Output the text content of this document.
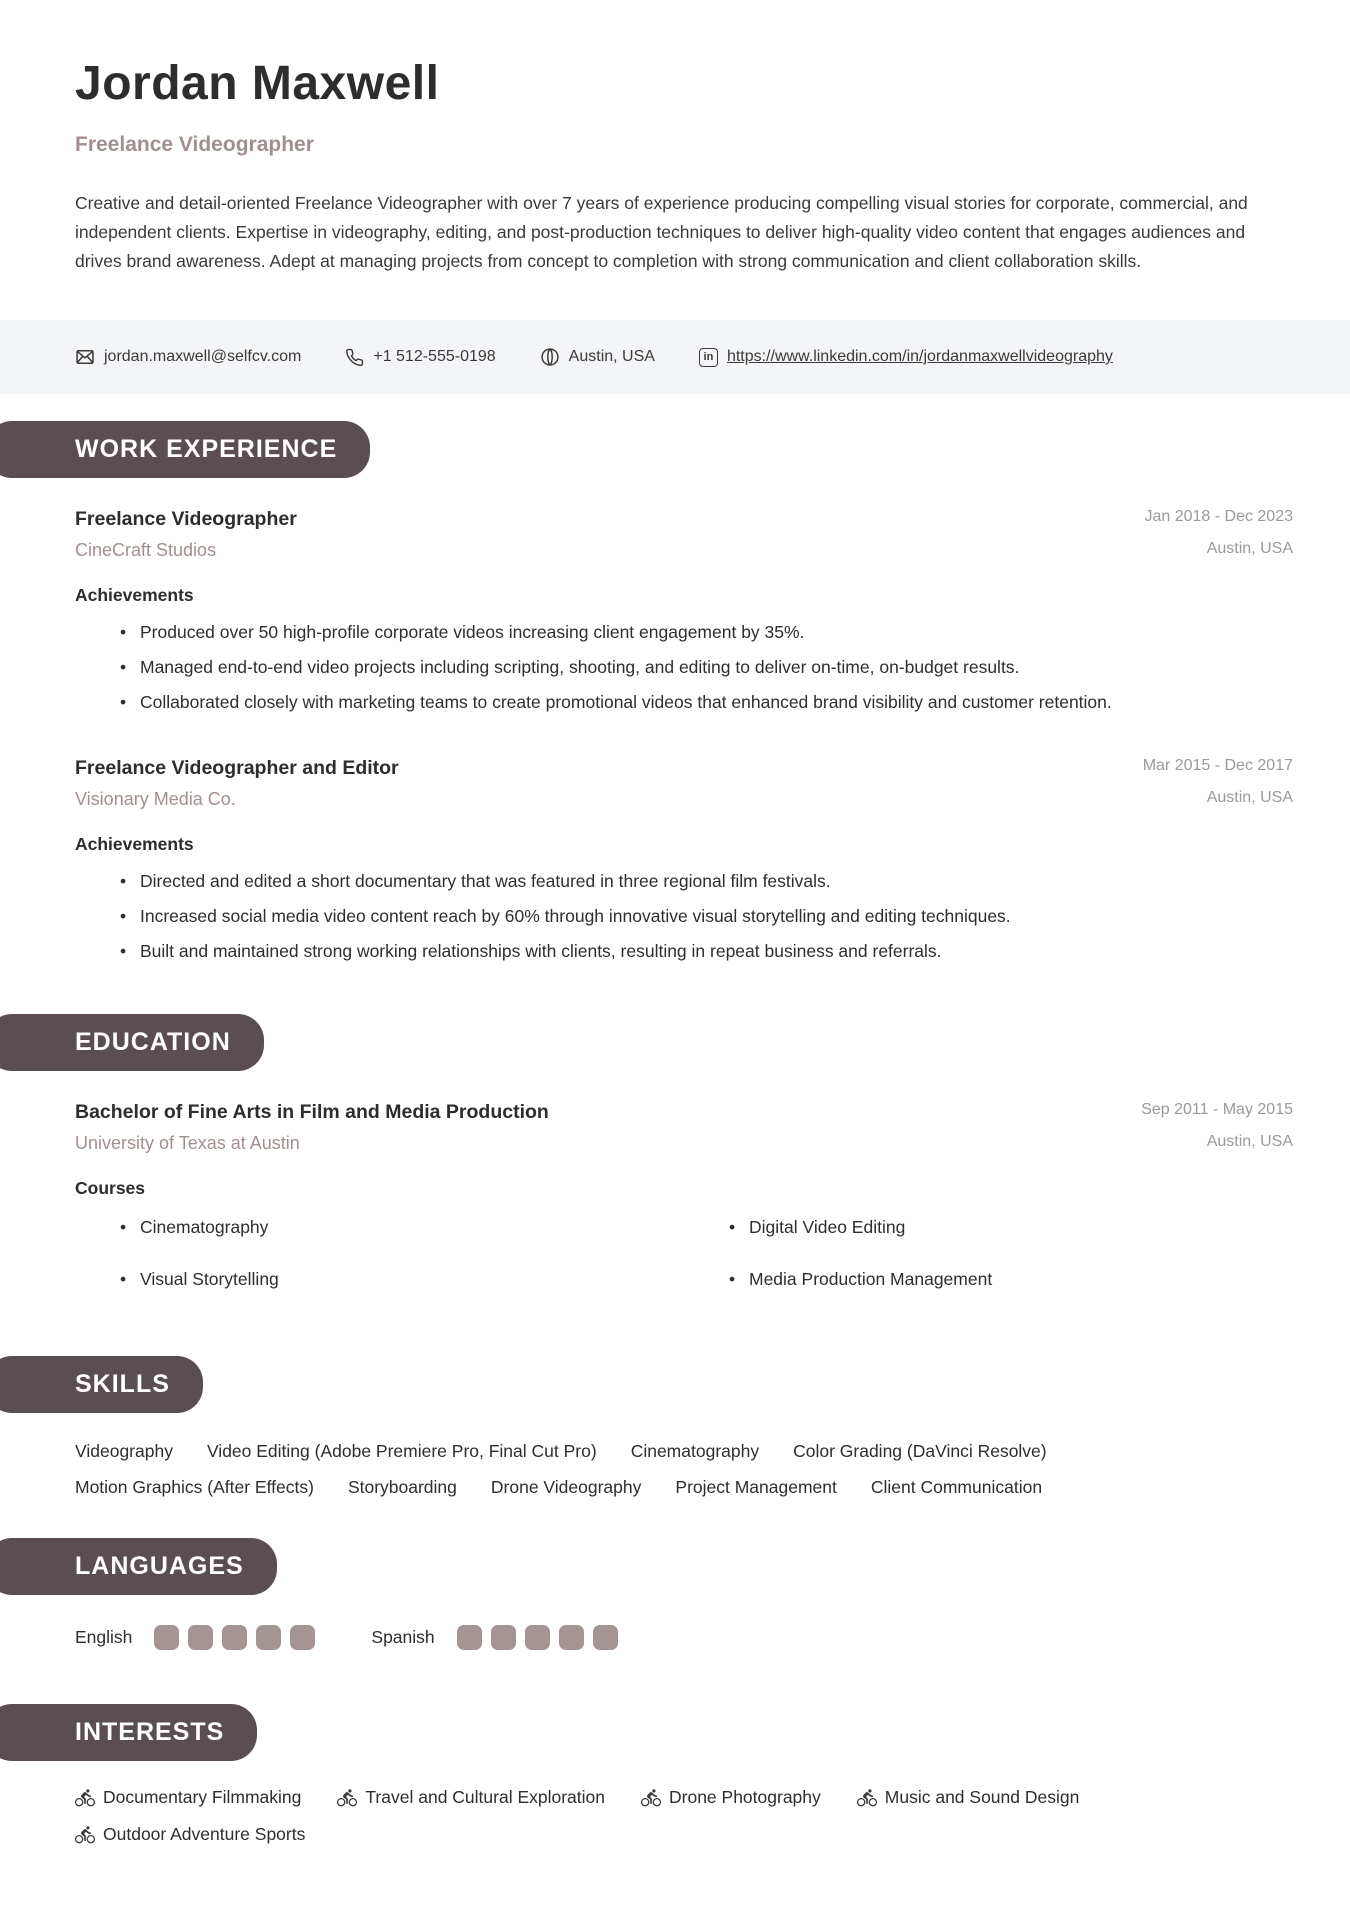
Jordan Maxwell
Freelance Videographer
Creative and detail-oriented Freelance Videographer with over 7 years of experience producing compelling visual stories for corporate, commercial, and independent clients. Expertise in videography, editing, and post-production techniques to deliver high-quality video content that engages audiences and drives brand awareness. Adept at managing projects from concept to completion with strong communication and client collaboration skills.
jordan.maxwell@selfcv.com	+1 512-555-0198	Austin, USA	in https://www.linkedin.com/in/jordanmaxwellvideography
WORK EXPERIENCE
Freelance Videographer
CineCraft Studios
Jan 2018 - Dec 2023
Austin, USA
Achievements
• Produced over 50 high-profile corporate videos increasing client engagement by 35%.
• Managed end-to-end video projects including scripting, shooting, and editing to deliver on-time, on-budget results.
• Collaborated closely with marketing teams to create promotional videos that enhanced brand visibility and customer retention.
Freelance Videographer and Editor
Visionary Media Co.
Mar 2015 - Dec 2017
Austin, USA
Achievements
• Directed and edited a short documentary that was featured in three regional film festivals.
• Increased social media video content reach by 60% through innovative visual storytelling and editing techniques.
• Built and maintained strong working relationships with clients, resulting in repeat business and referrals.
EDUCATION
Bachelor of Fine Arts in Film and Media Production
University of Texas at Austin
Sep 2011 - May 2015
Austin, USA
Courses
• Cinematography	• Digital Video Editing
• Visual Storytelling	• Media Production Management
SKILLS
Videography Video Editing (Adobe Premiere Pro, Final Cut Pro) Cinematography Color Grading (DaVinci Resolve)
Motion Graphics (After Effects) Storyboarding Drone Videography Project Management Client Communication
LANGUAGES
English	Spanish
INTERESTS
Documentary Filmmaking	Travel and Cultural Exploration	Drone Photography	Music and Sound Design
Outdoor Adventure Sports
